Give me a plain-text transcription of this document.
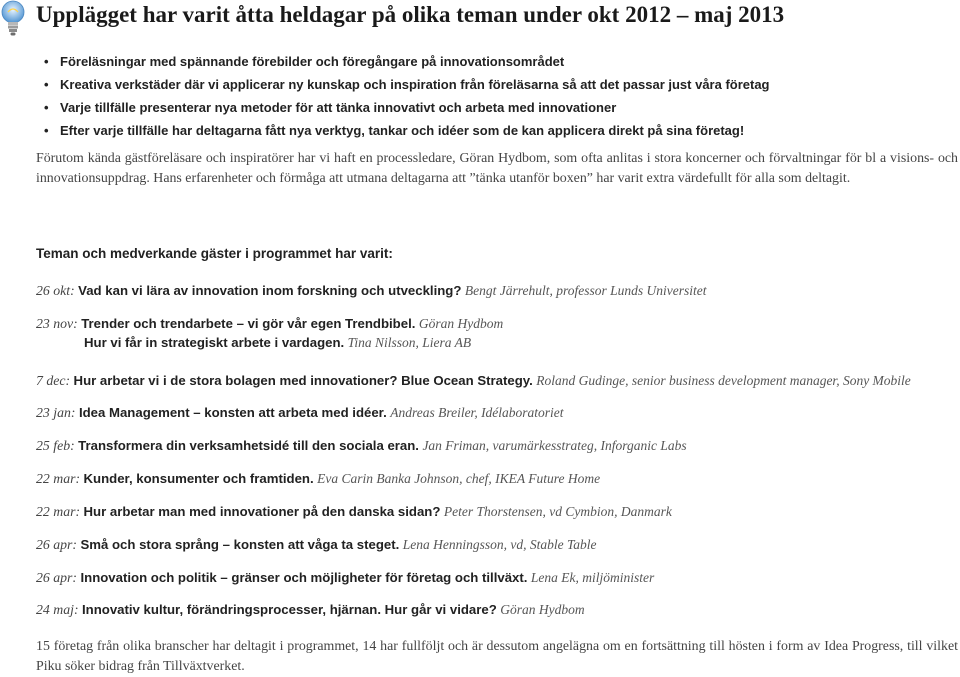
Upplägget har varit åtta heldagar på olika teman under okt 2012 – maj 2013
• Föreläsningar med spännande förebilder och föregångare på innovationsområdet
• Kreativa verkstäder där vi applicerar ny kunskap och inspiration från föreläsarna så att det passar just våra företag
• Varje tillfälle presenterar nya metoder för att tänka innovativt och arbeta med innovationer
• Efter varje tillfälle har deltagarna fått nya verktyg, tankar och idéer som de kan applicera direkt på sina företag!

Förutom kända gästföreläsare och inspiratörer har vi haft en processledare, Göran Hydbom, som ofta anlitas i stora koncerner och förvaltningar för bl a visions- och innovationsuppdrag. Hans erfarenheter och förmåga att utmana deltagarna att ”tänka utanför boxen” har varit extra värdefullt för alla som deltagit.

Teman och medverkande gäster i programmet har varit:
26 okt: Vad kan vi lära av innovation inom forskning och utveckling? Bengt Järrehult, professor Lunds Universitet
23 nov: Trender och trendarbete – vi gör vår egen Trendbibel. Göran Hydbom
Hur vi får in strategiskt arbete i vardagen. Tina Nilsson, Liera AB
7 dec: Hur arbetar vi i de stora bolagen med innovationer? Blue Ocean Strategy. Roland Gudinge, senior business development manager, Sony Mobile
23 jan: Idea Management – konsten att arbeta med idéer. Andreas Breiler, Idélaboratoriet
25 feb: Transformera din verksamhetsidé till den sociala eran. Jan Friman, varumärkesstrateg, Inforganic Labs
22 mar: Kunder, konsumenter och framtiden. Eva Carin Banka Johnson, chef, IKEA Future Home
22 mar: Hur arbetar man med innovationer på den danska sidan? Peter Thorstensen, vd Cymbion, Danmark
26 apr: Små och stora språng – konsten att våga ta steget. Lena Henningsson, vd, Stable Table
26 apr: Innovation och politik – gränser och möjligheter för företag och tillväxt. Lena Ek, miljöminister
24 maj: Innovativ kultur, förändringsprocesser, hjärnan. Hur går vi vidare? Göran Hydbom

15 företag från olika branscher har deltagit i programmet, 14 har fullföljt och är dessutom angelägna om en fortsättning till hösten i form av Idea Progress, till vilket Piku söker bidrag från Tillväxtverket.
